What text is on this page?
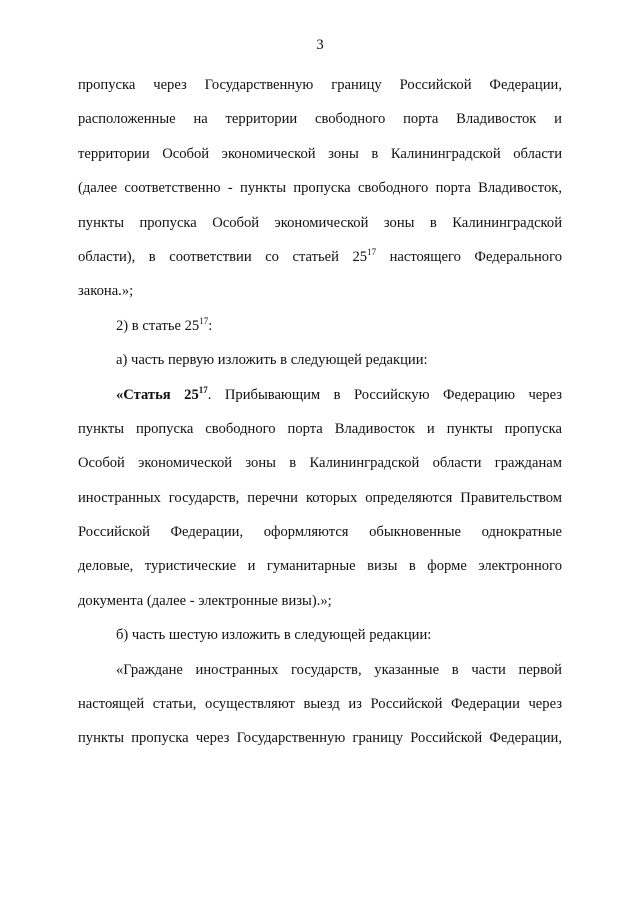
3
пропуска через Государственную границу Российской Федерации,
расположенные на территории свободного порта Владивосток и
территории Особой экономической зоны в Калининградской области
(далее соответственно - пункты пропуска свободного порта Владивосток,
пункты пропуска Особой экономической зоны в Калининградской
области), в соответствии со статьей $25^{17}$ настоящего Федерального
закона.»;
2) в статье $25^{17}$:
а) часть первую изложить в следующей редакции:
«Статья $25^{17}$. Прибывающим в Российскую Федерацию через
пункты пропуска свободного порта Владивосток и пункты пропуска
Особой экономической зоны в Калининградской области гражданам
иностранных государств, перечни которых определяются Правительством
Российской Федерации, оформляются обыкновенные однократные
деловые, туристические и гуманитарные визы в форме электронного
документа (далее - электронные визы).»;
б) часть шестую изложить в следующей редакции:
«Граждане иностранных государств, указанные в части первой
настоящей статьи, осуществляют выезд из Российской Федерации через
пункты пропуска через Государственную границу Российской Федерации,
